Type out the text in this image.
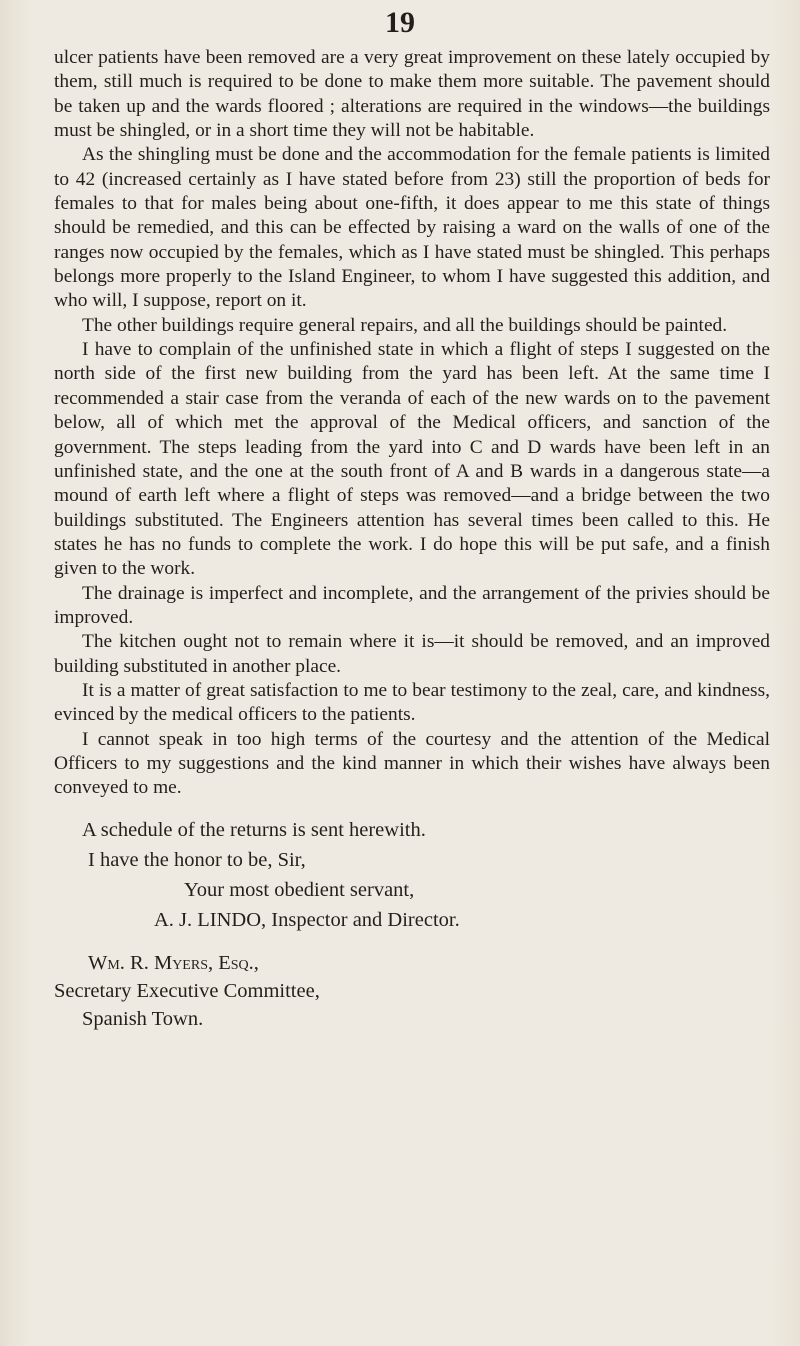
19

ulcer patients have been removed are a very great improvement on these lately occupied by them, still much is required to be done to make them more suitable. The pavement should be taken up and the wards floored ; alterations are required in the windows—the buildings must be shingled, or in a short time they will not be habitable.

As the shingling must be done and the accommodation for the female patients is limited to 42 (increased certainly as I have stated before from 23) still the proportion of beds for females to that for males being about one-fifth, it does appear to me this state of things should be remedied, and this can be effected by raising a ward on the walls of one of the ranges now occupied by the females, which as I have stated must be shingled. This perhaps belongs more properly to the Island Engineer, to whom I have suggested this addition, and who will, I suppose, report on it.

The other buildings require general repairs, and all the buildings should be painted.

I have to complain of the unfinished state in which a flight of steps I suggested on the north side of the first new building from the yard has been left. At the same time I recommended a stair case from the veranda of each of the new wards on to the pavement below, all of which met the approval of the Medical officers, and sanction of the government. The steps leading from the yard into C and D wards have been left in an unfinished state, and the one at the south front of A and B wards in a dangerous state—a mound of earth left where a flight of steps was removed—and a bridge between the two buildings substituted. The Engineers attention has several times been called to this. He states he has no funds to complete the work. I do hope this will be put safe, and a finish given to the work.

The drainage is imperfect and incomplete, and the arrangement of the privies should be improved.

The kitchen ought not to remain where it is—it should be removed, and an improved building substituted in another place.

It is a matter of great satisfaction to me to bear testimony to the zeal, care, and kindness, evinced by the medical officers to the patients.

I cannot speak in too high terms of the courtesy and the attention of the Medical Officers to my suggestions and the kind manner in which their wishes have always been conveyed to me.

A schedule of the returns is sent herewith.
I have the honor to be, Sir,
Your most obedient servant,
A. J. LINDO, Inspector and Director.
Wm. R. Myers, Esq.,
Secretary Executive Committee,
Spanish Town.
